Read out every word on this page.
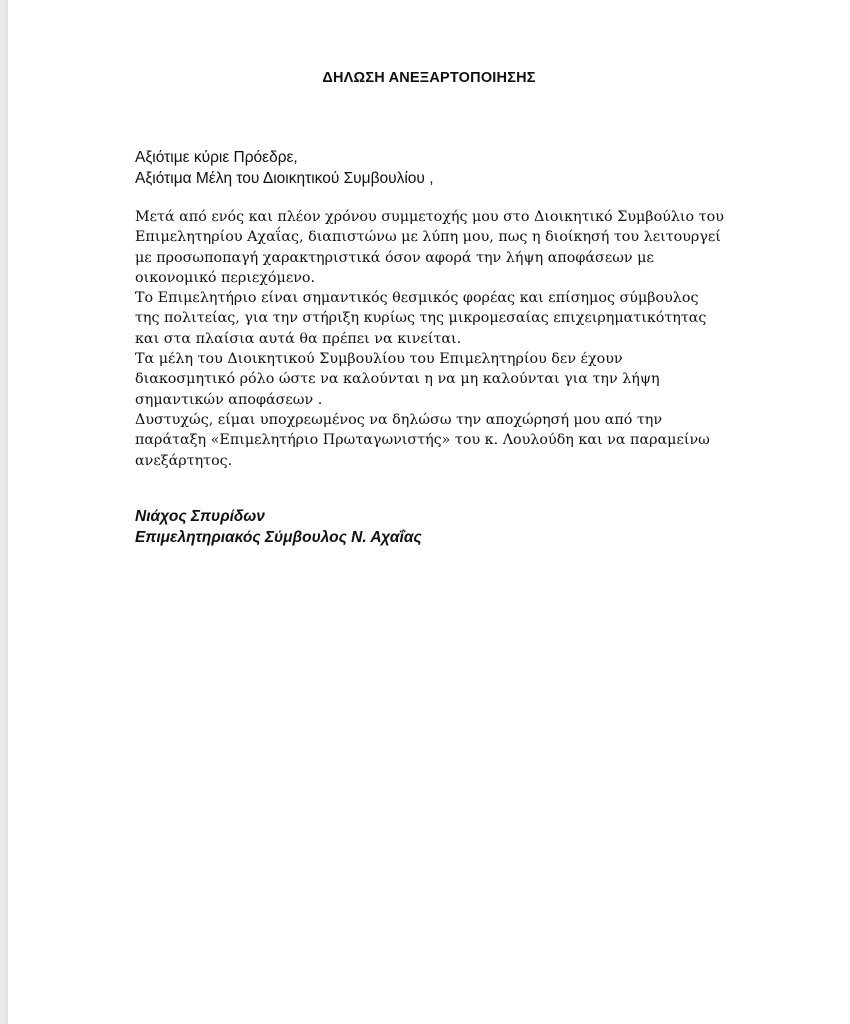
ΔΗΛΩΣΗ ΑΝΕΞΑΡΤΟΠΟΙΗΣΗΣ
Αξιότιμε κύριε Πρόεδρε,
Αξιότιμα Μέλη του Διοικητικού Συμβουλίου ,
Μετά από ενός και πλέον χρόνου συμμετοχής μου στο Διοικητικό Συμβούλιο του
Επιμελητηρίου Αχαΐας, διαπιστώνω με λύπη μου, πως η διοίκησή του λειτουργεί
με προσωποπαγή χαρακτηριστικά όσον αφορά την λήψη αποφάσεων με
οικονομικό περιεχόμενο.
Το Επιμελητήριο είναι σημαντικός θεσμικός φορέας και επίσημος σύμβουλος
της πολιτείας, για την στήριξη κυρίως της μικρομεσαίας επιχειρηματικότητας
και στα πλαίσια αυτά θα πρέπει να κινείται.
Τα μέλη του Διοικητικού Συμβουλίου του Επιμελητηρίου δεν έχουν
διακοσμητικό ρόλο ώστε να καλούνται η να μη καλούνται για την λήψη
σημαντικών αποφάσεων .
Δυστυχώς, είμαι υποχρεωμένος να δηλώσω την αποχώρησή μου από την
παράταξη «Επιμελητήριο Πρωταγωνιστής» του κ. Λουλούδη και να παραμείνω
ανεξάρτητος.
Νιάχος Σπυρίδων
Επιμελητηριακός Σύμβουλος Ν. Αχαΐας
